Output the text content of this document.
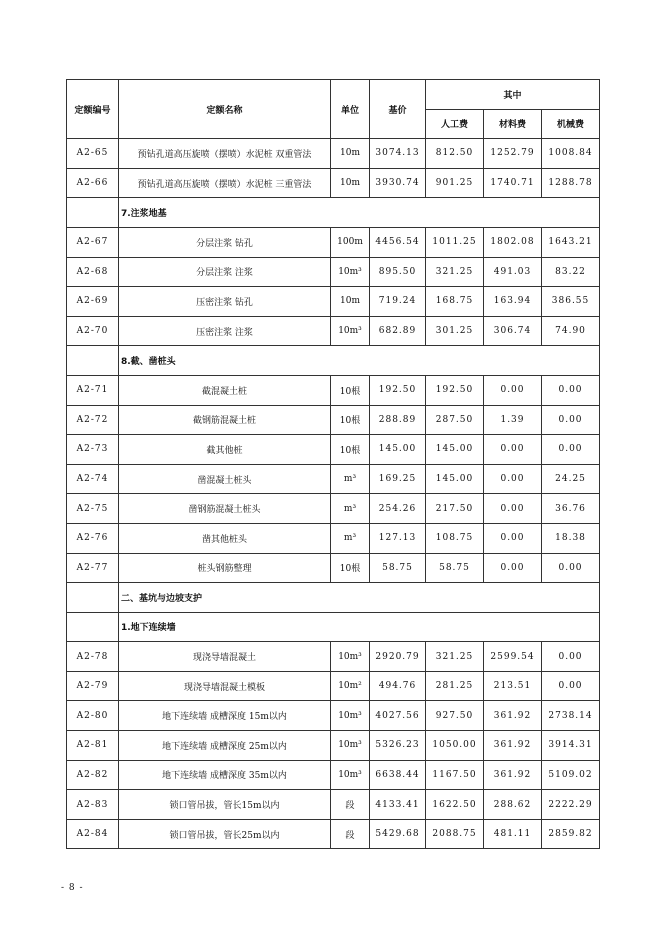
定额编号	定额名称	单位	基价	其中		
				人工费	材料费	机械费
A2-65	预钻孔道高压旋喷（摆喷）水泥桩 双重管法	10m	3074.13	812.50	1252.79	1008.84
A2-66	预钻孔道高压旋喷（摆喷）水泥桩 三重管法	10m	3930.74	901.25	1740.71	1288.78
	7.注浆地基					
A2-67	分层注浆 钻孔	100m	4456.54	1011.25	1802.08	1643.21
A2-68	分层注浆 注浆	10m³	895.50	321.25	491.03	83.22
A2-69	压密注浆 钻孔	10m	719.24	168.75	163.94	386.55
A2-70	压密注浆 注浆	10m³	682.89	301.25	306.74	74.90
	8.截、凿桩头					
A2-71	截混凝土桩	10根	192.50	192.50	0.00	0.00
A2-72	截钢筋混凝土桩	10根	288.89	287.50	1.39	0.00
A2-73	截其他桩	10根	145.00	145.00	0.00	0.00
A2-74	凿混凝土桩头	m³	169.25	145.00	0.00	24.25
A2-75	凿钢筋混凝土桩头	m³	254.26	217.50	0.00	36.76
A2-76	凿其他桩头	m³	127.13	108.75	0.00	18.38
A2-77	桩头钢筋整理	10根	58.75	58.75	0.00	0.00
	二、基坑与边坡支护					
	1.地下连续墙					
A2-78	现浇导墙混凝土	10m³	2920.79	321.25	2599.54	0.00
A2-79	现浇导墙混凝土模板	10m²	494.76	281.25	213.51	0.00
A2-80	地下连续墙 成槽深度 15m以内	10m³	4027.56	927.50	361.92	2738.14
A2-81	地下连续墙 成槽深度 25m以内	10m³	5326.23	1050.00	361.92	3914.31
A2-82	地下连续墙 成槽深度 35m以内	10m³	6638.44	1167.50	361.92	5109.02
A2-83	锁口管吊拔，管长15m以内	段	4133.41	1622.50	288.62	2222.29
A2-84	锁口管吊拔，管长25m以内	段	5429.68	2088.75	481.11	2859.82
- 8 -
